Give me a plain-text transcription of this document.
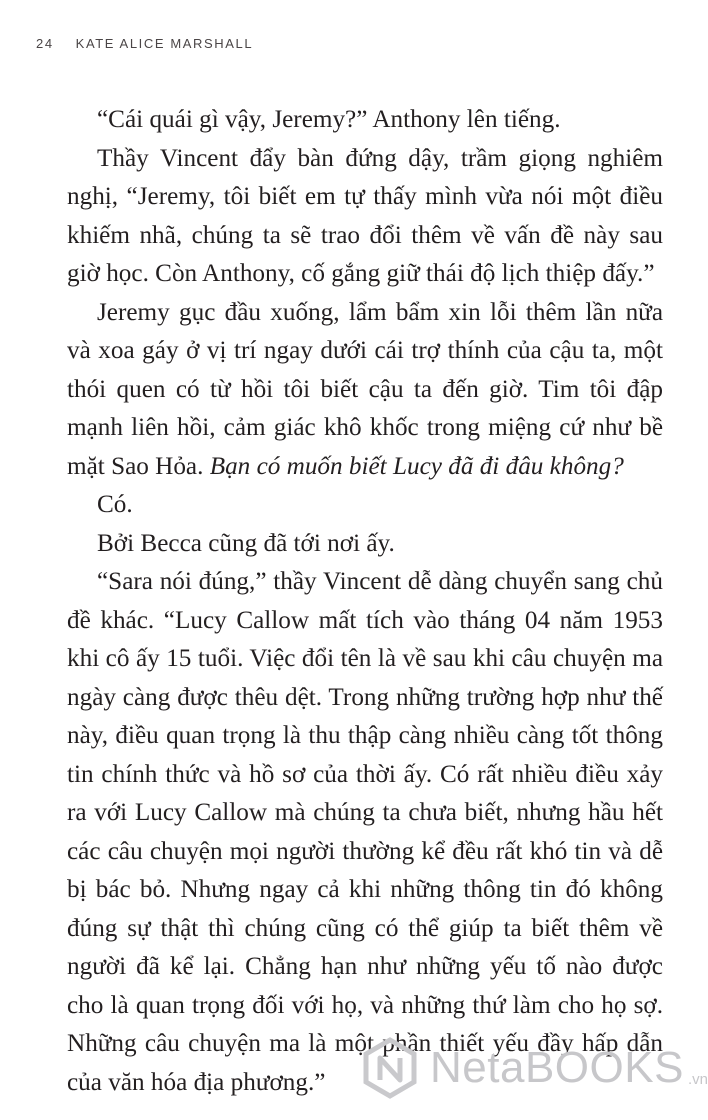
24 KATE ALICE MARSHALL

“Cái quái gì vậy, Jeremy?” Anthony lên tiếng.

Thầy Vincent đẩy bàn đứng dậy, trầm giọng nghiêm nghị, “Jeremy, tôi biết em tự thấy mình vừa nói một điều khiếm nhã, chúng ta sẽ trao đổi thêm về vấn đề này sau giờ học. Còn Anthony, cố gắng giữ thái độ lịch thiệp đấy.”

Jeremy gục đầu xuống, lẩm bẩm xin lỗi thêm lần nữa và xoa gáy ở vị trí ngay dưới cái trợ thính của cậu ta, một thói quen có từ hồi tôi biết cậu ta đến giờ. Tim tôi đập mạnh liên hồi, cảm giác khô khốc trong miệng cứ như bề mặt Sao Hỏa. Bạn có muốn biết Lucy đã đi đâu không?

Có.

Bởi Becca cũng đã tới nơi ấy.

“Sara nói đúng,” thầy Vincent dễ dàng chuyển sang chủ đề khác. “Lucy Callow mất tích vào tháng 04 năm 1953 khi cô ấy 15 tuổi. Việc đổi tên là về sau khi câu chuyện ma ngày càng được thêu dệt. Trong những trường hợp như thế này, điều quan trọng là thu thập càng nhiều càng tốt thông tin chính thức và hồ sơ của thời ấy. Có rất nhiều điều xảy ra với Lucy Callow mà chúng ta chưa biết, nhưng hầu hết các câu chuyện mọi người thường kể đều rất khó tin và dễ bị bác bỏ. Nhưng ngay cả khi những thông tin đó không đúng sự thật thì chúng cũng có thể giúp ta biết thêm về người đã kể lại. Chẳng hạn như những yếu tố nào được cho là quan trọng đối với họ, và những thứ làm cho họ sợ. Những câu chuyện ma là một phần thiết yếu đầy hấp dẫn của văn hóa địa phương.”	NetaBOOKS .vn
